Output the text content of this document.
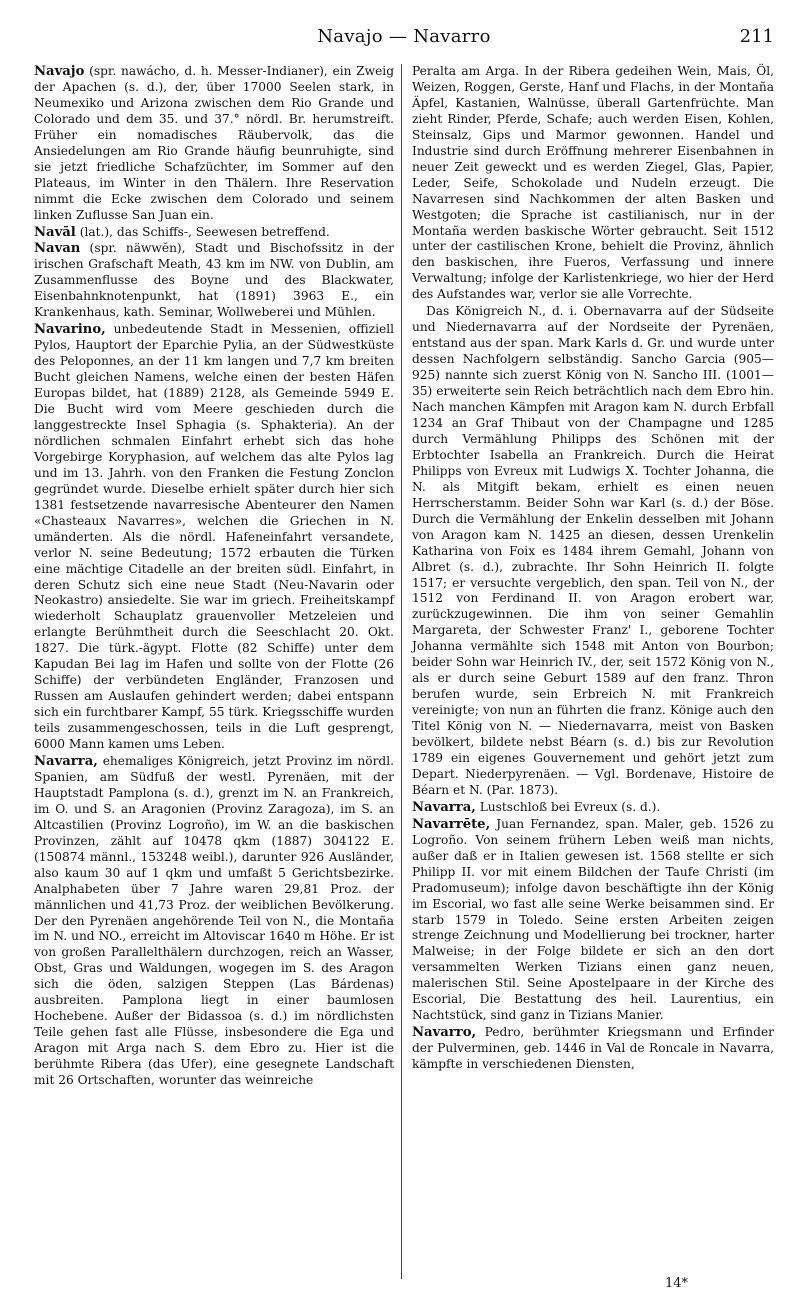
Navajo — Navarro	211

Navajo (spr. nawácho, d. h. Messer-Indianer), ein Zweig der Apachen (s. d.), der, über 17000 Seelen stark, in Neumexiko und Arizona zwischen dem Rio Grande und Colorado und dem 35. und 37.° nördl. Br. herumstreift. Früher ein nomadisches Räubervolk, das die Ansiedelungen am Rio Grande häufig beunruhigte, sind sie jetzt friedliche Schafzüchter, im Sommer auf den Plateaus, im Winter in den Thälern. Ihre Reservation nimmt die Ecke zwischen dem Colorado und seinem linken Zuflusse San Juan ein.

Navāl (lat.), das Schiffs-, Seewesen betreffend.

Navan (spr. näwwĕn), Stadt und Bischofssitz in der irischen Grafschaft Meath, 43 km im NW. von Dublin, am Zusammenflusse des Boyne und des Blackwater, Eisenbahnknotenpunkt, hat (1891) 3963 E., ein Krankenhaus, kath. Seminar, Wollweberei und Mühlen.

Navarino, unbedeutende Stadt in Messenien, offiziell Pylos, Hauptort der Eparchie Pylia, an der Südwestküste des Peloponnes, an der 11 km langen und 7,7 km breiten Bucht gleichen Namens, welche einen der besten Häfen Europas bildet, hat (1889) 2128, als Gemeinde 5949 E. Die Bucht wird vom Meere geschieden durch die langgestreckte Insel Sphagia (s. Sphakteria). An der nördlichen schmalen Einfahrt erhebt sich das hohe Vorgebirge Koryphasion, auf welchem das alte Pylos lag und im 13. Jahrh. von den Franken die Festung Zonclon gegründet wurde. Dieselbe erhielt später durch hier sich 1381 festsetzende navarresische Abenteurer den Namen «Chasteaux Navarres», welchen die Griechen in N. umänderten. Als die nördl. Hafeneinfahrt versandete, verlor N. seine Bedeutung; 1572 erbauten die Türken eine mächtige Citadelle an der breiten südl. Einfahrt, in deren Schutz sich eine neue Stadt (Neu-Navarin oder Neokastro) ansiedelte. Sie war im griech. Freiheitskampf wiederholt Schauplatz grauenvoller Metzeleien und erlangte Berühmtheit durch die Seeschlacht 20. Okt. 1827. Die türk.-ägypt. Flotte (82 Schiffe) unter dem Kapudan Bei lag im Hafen und sollte von der Flotte (26 Schiffe) der verbündeten Engländer, Franzosen und Russen am Auslaufen gehindert werden; dabei entspann sich ein furchtbarer Kampf, 55 türk. Kriegsschiffe wurden teils zusammengeschossen, teils in die Luft gesprengt, 6000 Mann kamen ums Leben.

Navarra, ehemaliges Königreich, jetzt Provinz im nördl. Spanien, am Südfuß der westl. Pyrenäen, mit der Hauptstadt Pamplona (s. d.), grenzt im N. an Frankreich, im O. und S. an Aragonien (Provinz Zaragoza), im S. an Altcastilien (Provinz Logroño), im W. an die baskischen Provinzen, zählt auf 10478 qkm (1887) 304122 E. (150874 männl., 153248 weibl.), darunter 926 Ausländer, also kaum 30 auf 1 qkm und umfaßt 5 Gerichtsbezirke. Analphabeten über 7 Jahre waren 29,81 Proz. der männlichen und 41,73 Proz. der weiblichen Bevölkerung. Der den Pyrenäen angehörende Teil von N., die Montaña im N. und NO., erreicht im Altoviscar 1640 m Höhe. Er ist von großen Parallelthälern durchzogen, reich an Wasser, Obst, Gras und Waldungen, wogegen im S. des Aragon sich die öden, salzigen Steppen (Las Bárdenas) ausbreiten. Pamplona liegt in einer baumlosen Hochebene. Außer der Bidassoa (s. d.) im nördlichsten Teile gehen fast alle Flüsse, insbesondere die Ega und Aragon mit Arga nach S. dem Ebro zu. Hier ist die berühmte Ribera (das Ufer), eine gesegnete Landschaft mit 26 Ortschaften, worunter das weinreiche

Peralta am Arga. In der Ribera gedeihen Wein, Mais, Öl, Weizen, Roggen, Gerste, Hanf und Flachs, in der Montaña Äpfel, Kastanien, Walnüsse, überall Gartenfrüchte. Man zieht Rinder, Pferde, Schafe; auch werden Eisen, Kohlen, Steinsalz, Gips und Marmor gewonnen. Handel und Industrie sind durch Eröffnung mehrerer Eisenbahnen in neuer Zeit geweckt und es werden Ziegel, Glas, Papier, Leder, Seife, Schokolade und Nudeln erzeugt. Die Navarresen sind Nachkommen der alten Basken und Westgoten; die Sprache ist castilianisch, nur in der Montaña werden baskische Wörter gebraucht. Seit 1512 unter der castilischen Krone, behielt die Provinz, ähnlich den baskischen, ihre Fueros, Verfassung und innere Verwaltung; infolge der Karlistenkriege, wo hier der Herd des Aufstandes war, verlor sie alle Vorrechte.

Das Königreich N., d. i. Obernavarra auf der Südseite und Niedernavarra auf der Nordseite der Pyrenäen, entstand aus der span. Mark Karls d. Gr. und wurde unter dessen Nachfolgern selbständig. Sancho Garcia (905—925) nannte sich zuerst König von N. Sancho III. (1001—35) erweiterte sein Reich beträchtlich nach dem Ebro hin. Nach manchen Kämpfen mit Aragon kam N. durch Erbfall 1234 an Graf Thibaut von der Champagne und 1285 durch Vermählung Philipps des Schönen mit der Erbtochter Isabella an Frankreich. Durch die Heirat Philipps von Evreux mit Ludwigs X. Tochter Johanna, die N. als Mitgift bekam, erhielt es einen neuen Herrscherstamm. Beider Sohn war Karl (s. d.) der Böse. Durch die Vermählung der Enkelin desselben mit Johann von Aragon kam N. 1425 an diesen, dessen Urenkelin Katharina von Foix es 1484 ihrem Gemahl, Johann von Albret (s. d.), zubrachte. Ihr Sohn Heinrich II. folgte 1517; er versuchte vergeblich, den span. Teil von N., der 1512 von Ferdinand II. von Aragon erobert war, zurückzugewinnen. Die ihm von seiner Gemahlin Margareta, der Schwester Franz' I., geborene Tochter Johanna vermählte sich 1548 mit Anton von Bourbon; beider Sohn war Heinrich IV., der, seit 1572 König von N., als er durch seine Geburt 1589 auf den franz. Thron berufen wurde, sein Erbreich N. mit Frankreich vereinigte; von nun an führten die franz. Könige auch den Titel König von N. — Niedernavarra, meist von Basken bevölkert, bildete nebst Béarn (s. d.) bis zur Revolution 1789 ein eigenes Gouvernement und gehört jetzt zum Depart. Niederpyrenäen. — Vgl. Bordenave, Histoire de Béarn et N. (Par. 1873).

Navarra, Lustschloß bei Evreux (s. d.).

Navarrēte, Juan Fernandez, span. Maler, geb. 1526 zu Logroño. Von seinem frühern Leben weiß man nichts, außer daß er in Italien gewesen ist. 1568 stellte er sich Philipp II. vor mit einem Bildchen der Taufe Christi (im Pradomuseum); infolge davon beschäftigte ihn der König im Escorial, wo fast alle seine Werke beisammen sind. Er starb 1579 in Toledo. Seine ersten Arbeiten zeigen strenge Zeichnung und Modellierung bei trockner, harter Malweise; in der Folge bildete er sich an den dort versammelten Werken Tizians einen ganz neuen, malerischen Stil. Seine Apostelpaare in der Kirche des Escorial, Die Bestattung des heil. Laurentius, ein Nachtstück, sind ganz in Tizians Manier.

Navarro, Pedro, berühmter Kriegsmann und Erfinder der Pulverminen, geb. 1446 in Val de Roncale in Navarra, kämpfte in verschiedenen Diensten,

14*
